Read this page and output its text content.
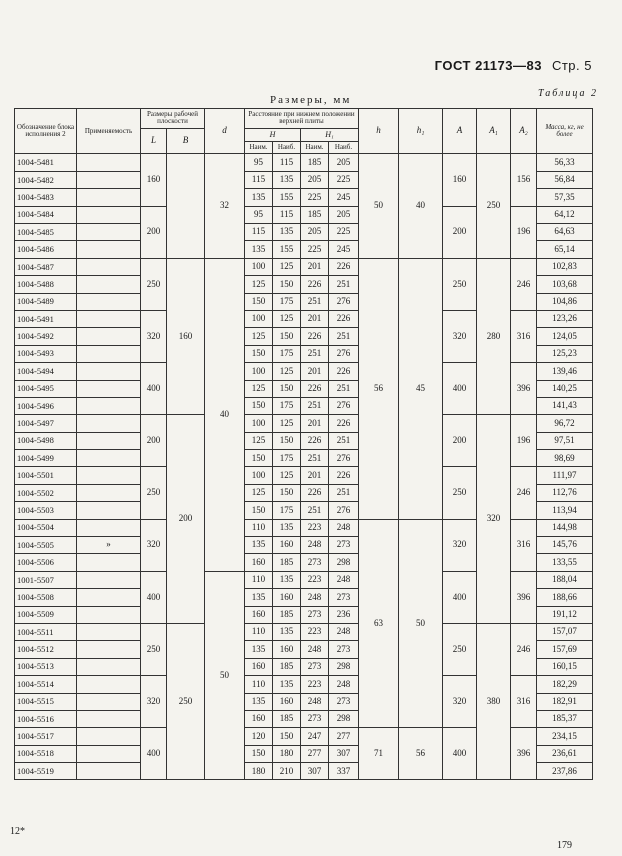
ГОСТ 21173—83 Стр. 5
Таблица 2
Размеры, мм
Обозначение блока исполнения 2	Применяемость	Размеры рабочей плоскости		d	Расстояние при нижнем положении верхней плиты				h	h₁	A	A₁	A₂	Масса, кг, не более
		L	B		H		H₁							
					Наим.	Наиб.	Наим.	Наиб.						
1004-5481		160		32	95	115	185	205	50	40	160	250	156	56,33
1004-5482					115	135	205	225						56,84
1004-5483					135	155	225	245						57,35
1004-5484		200			95	115	185	205			200		196	64,12
1004-5485					115	135	205	225						64,63
1004-5486					135	155	225	245						65,14
1004-5487		250	160	40	100	125	201	226	56	45	250	280	246	102,83
1004-5488					125	150	226	251						103,68
1004-5489					150	175	251	276						104,86
1004-5491		320			100	125	201	226			320		316	123,26
1004-5492					125	150	226	251						124,05
1004-5493					150	175	251	276						125,23
1004-5494		400			100	125	201	226			400		396	139,46
1004-5495					125	150	226	251						140,25
1004-5496					150	175	251	276						141,43
1004-5497		200	200		100	125	201	226			200	320	196	96,72
1004-5498					125	150	226	251						97,51
1004-5499					150	175	251	276						98,69
1004-5501		250			100	125	201	226			250		246	111,97
1004-5502					125	150	226	251						112,76
1004-5503					150	175	251	276						113,94
1004-5504		320			110	135	223	248	63	50	320		316	144,98
1004-5505	»				135	160	248	273						145,76
1004-5506					160	185	273	298						133,55
1001-5507		400		50	110	135	223	248			400		396	188,04
1004-5508					135	160	248	273						188,66
1004-5509					160	185	273	236						191,12
1004-5511		250	250		110	135	223	248			250	380	246	157,07
1004-5512					135	160	248	273						157,69
1004-5513					160	185	273	298						160,15
1004-5514		320			110	135	223	248			320		316	182,29
1004-5515					135	160	248	273						182,91
1004-5516					160	185	273	298						185,37
1004-5517		400			120	150	247	277	71	56	400		396	234,15
1004-5518					150	180	277	307						236,61
1004-5519					180	210	307	337						237,86
12*
179
